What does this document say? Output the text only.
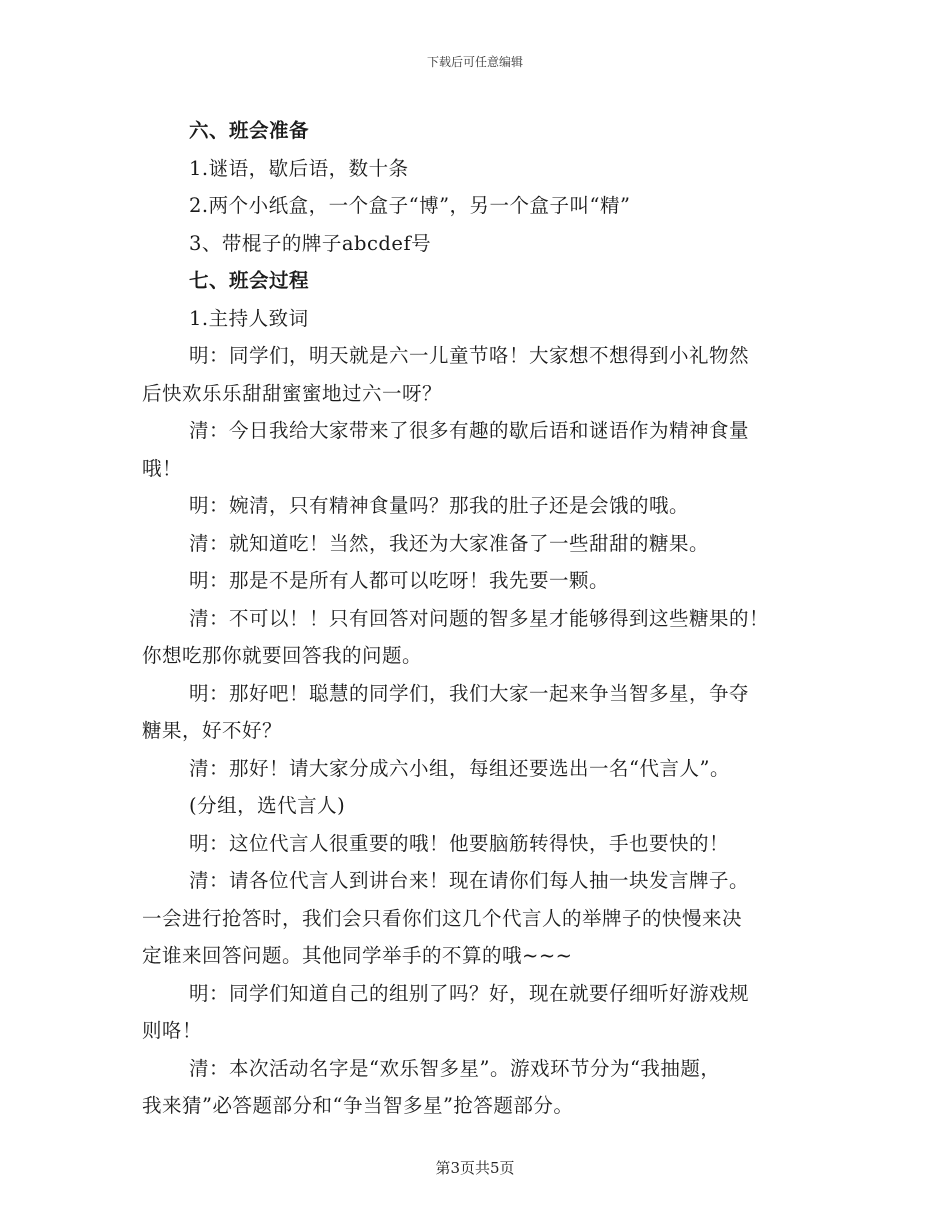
下载后可任意编辑
六、班会准备
1.谜语，歇后语，数十条
2.两个小纸盒，一个盒子“博”，另一个盒子叫“精”
3、带棍子的牌子abcdef号
七、班会过程
1.主持人致词
明：同学们，明天就是六一儿童节咯！大家想不想得到小礼物然
后快欢乐乐甜甜蜜蜜地过六一呀？
清：今日我给大家带来了很多有趣的歇后语和谜语作为精神食量
哦！
明：婉清，只有精神食量吗？那我的肚子还是会饿的哦。
清：就知道吃！当然，我还为大家准备了一些甜甜的糖果。
明：那是不是所有人都可以吃呀！我先要一颗。
清：不可以！！只有回答对问题的智多星才能够得到这些糖果的！
你想吃那你就要回答我的问题。
明：那好吧！聪慧的同学们，我们大家一起来争当智多星，争夺
糖果，好不好？
清：那好！请大家分成六小组，每组还要选出一名“代言人”。
(分组，选代言人)
明：这位代言人很重要的哦！他要脑筋转得快，手也要快的！
清：请各位代言人到讲台来！现在请你们每人抽一块发言牌子。
一会进行抢答时，我们会只看你们这几个代言人的举牌子的快慢来决
定谁来回答问题。其他同学举手的不算的哦~~~
明：同学们知道自己的组别了吗？好，现在就要仔细听好游戏规
则咯！
清：本次活动名字是“欢乐智多星”。游戏环节分为“我抽题，
我来猜”必答题部分和“争当智多星”抢答题部分。
第3页共5页
